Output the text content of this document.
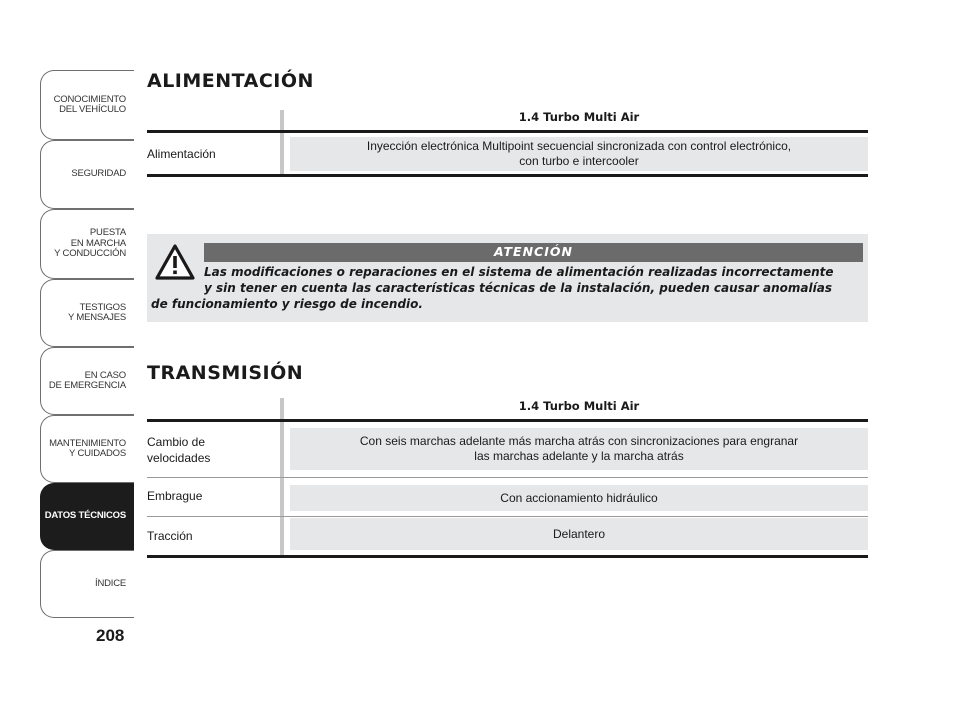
CONOCIMIENTO
DEL VEHÍCULO
SEGURIDAD
PUESTA
EN MARCHA
Y CONDUCCIÓN
TESTIGOS
Y MENSAJES
EN CASO
DE EMERGENCIA
MANTENIMIENTO
Y CUIDADOS
DATOS TÉCNICOS
ÍNDICE
208
ALIMENTACIÓN
1.4 Turbo Multi Air
Alimentación
Inyección electrónica Multipoint secuencial sincronizada con control electrónico,
con turbo e intercooler
ATENCIÓN
Las modificaciones o reparaciones en el sistema de alimentación realizadas incorrectamente
y sin tener en cuenta las características técnicas de la instalación, pueden causar anomalías
de funcionamiento y riesgo de incendio.
TRANSMISIÓN
1.4 Turbo Multi Air
Cambio de
velocidades
Con seis marchas adelante más marcha atrás con sincronizaciones para engranar
las marchas adelante y la marcha atrás
Embrague	Con accionamiento hidráulico
Tracción	Delantero
